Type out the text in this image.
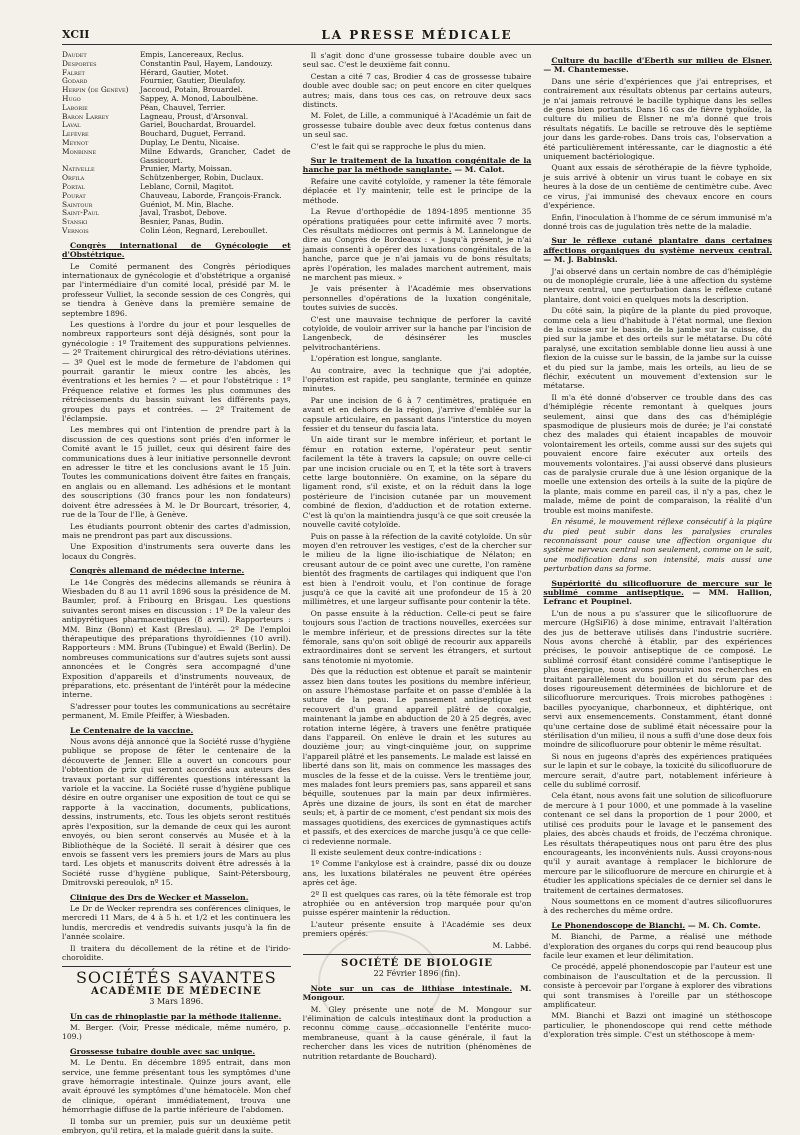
XCII	LA PRESSE MÉDICALE
Daudet	Empis, Lancereaux, Reclus.
Desportes	Constantin Paul, Hayem, Landouzy.
Falret	Hérard, Gautier, Motet.
Godard	Fournier, Gautier, Dieulafoy.
Herpin (de Genève)	Jaccoud, Potain, Brouardel.
Hugo	Sappey, A. Monod, Laboulbène.
Laborie	Péan, Chauvel, Terrier.
Baron Larrey	Lagneau, Proust, d'Arsonval.
Laval	Gariel, Bouchardat, Brouardel.
Lefèvre	Bouchard, Duguet, Ferrand.
Meynot	Duplay, Le Dentu, Nicaise.
Monbinne	Milne Edwards, Grancher, Cadet de Gassicourt.
Nativelle	Prunier, Marty, Moissan.
Orfila	Schützenberger, Robin, Duclaux.
Portal	Leblanc, Cornil, Magitot.
Pourat	Chauveau, Laborde, François-Franck.
Saintour	Guéniot, M. Min, Blache.
Saint-Paul	Javal, Trasbot, Debove.
Stanski	Besnier, Panas, Budin.
Vernois	Colin Léon, Regnard, Lereboullet.
Congrès international de Gynécologie et d'Obstétrique.

Le Comité permanent des Congrès périodiques internationaux de gynécologie et d'obstétrique a organisé par l'intermédiaire d'un comité local, présidé par M. le professeur Vulliet, la seconde session de ces Congrès, qui se tiendra à Genève dans la première semaine de septembre 1896.

Les questions à l'ordre du jour et pour lesquelles de nombreux rapporteurs sont déjà désignés, sont pour la gynécologie : 1º Traitement des suppurations pelviennes. — 2º Traitement chirurgical des rétro-déviations utérines. — 3º Quel est le mode de fermeture de l'abdomen qui pourrait garantir le mieux contre les abcès, les éventrations et les hernies ? — et pour l'obstétrique : 1º Fréquence relative et formes les plus communes des rétrécissements du bassin suivant les différents pays, groupes du pays et contrées. — 2º Traitement de l'éclampsie.

Les membres qui ont l'intention de prendre part à la discussion de ces questions sont priés d'en informer le Comité avant le 15 juillet, ceux qui désirent faire des communications dues à leur initiative personnelle devront en adresser le titre et les conclusions avant le 15 Juin. Toutes les communications doivent être faites en français, en anglais ou en allemand. Les adhésions et le montant des souscriptions (30 francs pour les non fondateurs) doivent être adressées à M. le Dr Bourcart, trésorier, 4, rue de la Tour de l'Ile, à Genève.

Les étudiants pourront obtenir des cartes d'admission, mais ne prendront pas part aux discussions.

Une Exposition d'instruments sera ouverte dans les locaux du Congrès.

Congrès allemand de médecine interne.

Le 14e Congrès des médecins allemands se réunira à Wiesbaden du 8 au 11 avril 1896 sous la présidence de M. Baumler, prof. à Fribourg en Brisgau. Les questions suivantes seront mises en discussion : 1º De la valeur des antipyrétiques pharmaceutiques (8 avril). Rapporteurs : MM. Binz (Bonn) et Kast (Breslau). — 2º De l'emploi thérapeutique des préparations thyroïdiennes (10 avril). Rapporteurs : MM. Bruns (Tubingue) et Ewald (Berlin). De nombreuses communications sur d'autres sujets sont aussi annoncées et le Congrès sera accompagné d'une Exposition d'appareils et d'instruments nouveaux, de préparations, etc. présentant de l'intérêt pour la médecine interne.

S'adresser pour toutes les communications au secrétaire permanent, M. Emile Pfeiffer, à Wiesbaden.

Le Centenaire de la vaccine.

Nous avons déjà annoncé que la Société russe d'hygiène publique se propose de fêter le centenaire de la découverte de Jenner. Elle a ouvert un concours pour l'obtention de prix qui seront accordés aux auteurs des travaux portant sur différentes questions intéressant la variole et la vaccine. La Société russe d'hygiène publique désire en outre organiser une exposition de tout ce qui se rapporte à la vaccination, documents, publications, dessins, instruments, etc. Tous les objets seront restitués après l'exposition, sur la demande de ceux qui les auront envoyés, ou bien seront conservés au Musée et à la Bibliothèque de la Société. Il serait à désirer que ces envois se fassent vers les premiers jours de Mars au plus tard. Les objets et manuscrits doivent être adressés à la Société russe d'hygiène publique, Saint-Pétersbourg, Dmitrovski pereoulok, nº 15.

Clinique des Drs de Wecker et Masselon.

Le Dr de Wecker reprendra ses conférences cliniques, le mercredi 11 Mars, de 4 à 5 h. et 1/2 et les continuera les lundis, mercredis et vendredis suivants jusqu'à la fin de l'année scolaire.

Il traitera du décollement de la rétine et de l'irido-choroïdite.

SOCIÉTÉS SAVANTES
ACADÉMIE DE MÉDECINE
3 Mars 1896.
Un cas de rhinoplastie par la méthode italienne.

M. Berger. (Voir, Presse médicale, même numéro, p. 109.)

Grossesse tubaire double avec sac unique.

M. Le Dentu. En décembre 1895 entrait, dans mon service, une femme présentant tous les symptômes d'une grave hémorragie intestinale. Quinze jours avant, elle avait éprouvé les symptômes d'une hématocèle. Mon chef de clinique, opérant immédiatement, trouva une hémorrhagie diffuse de la partie inférieure de l'abdomen.

Il tomba sur un premier, puis sur un deuxième petit embryon, qu'il retira, et la malade guérit dans la suite.

Il s'agit donc d'une grossesse tubaire double avec un seul sac. C'est le deuxième fait connu.

Cestan a cité 7 cas, Brodier 4 cas de grossesse tubaire double avec double sac; on peut encore en citer quelques autres; mais, dans tous ces cas, on retrouve deux sacs distincts.

M. Folet, de Lille, a communiqué à l'Académie un fait de grossesse tubaire double avec deux fœtus contenus dans un seul sac.

C'est le fait qui se rapproche le plus du mien.

Sur le traitement de la luxation congénitale de la hanche par la méthode sanglante. — M. Calot.

Refaire une cavité cotyloïde, y ramener la tête fémorale déplacée et l'y maintenir, telle est le principe de la méthode.

La Revue d'orthopédie de 1894-1895 mentionne 35 opérations pratiquées pour cette infirmité avec 7 morts. Ces résultats médiocres ont permis à M. Lannelongue de dire au Congrès de Bordeaux : « Jusqu'à présent, je n'ai jamais consenti à opérer des luxations congénitales de la hanche, parce que je n'ai jamais vu de bons résultats; après l'opération, les malades marchent autrement, mais ne marchent pas mieux. »

Je vais présenter à l'Académie mes observations personnelles d'opérations de la luxation congénitale, toutes suivies de succès.

C'est une mauvaise technique de perforer la cavité cotyloïde, de vouloir arriver sur la hanche par l'incision de Langenbeck, de désinsérer les muscles pelvitrochantériens.

L'opération est longue, sanglante.

Au contraire, avec la technique que j'ai adoptée, l'opération est rapide, peu sanglante, terminée en quinze minutes.

Par une incision de 6 à 7 centimètres, pratiquée en avant et en dehors de la région, j'arrive d'emblée sur la capsule articulaire, en passant dans l'interstice du moyen fessier et du tenseur du fascia lata.

Un aide tirant sur le membre inférieur, et portant le fémur en rotation externe, l'opérateur peut sentir facilement la tête à travers la capsule; on ouvre celle-ci par une incision cruciale ou en T, et la tête sort à travers cette large boutonnière. On examine, on la sépare du ligament rond, s'il existe, et on la réduit dans la loge postérieure de l'incision cutanée par un mouvement combiné de flexion, d'adduction et de rotation externe. C'est là qu'on la maintiendra jusqu'à ce que soit creusée la nouvelle cavité cotyloïde.

Puis on passe à la réfection de la cavité cotyloïde. Un sûr moyen d'en retrouver les vestiges, c'est de la chercher sur le milieu de la ligne ilio-ischiatique de Nélaton; en creusant autour de ce point avec une curette, l'on ramène bientôt des fragments de cartilages qui indiquent que l'on est bien à l'endroit voulu, et l'on continue de forage jusqu'à ce que la cavité ait une profondeur de 15 à 20 millimètres, et une largeur suffisante pour contenir la tête.

On passe ensuite à la réduction. Celle-ci peut se faire toujours sous l'action de tractions nouvelles, exercées sur le membre inférieur, et de pressions directes sur la tête fémorale, sans qu'on soit obligé de recourir aux appareils extraordinaires dont se servent les étrangers, et surtout sans ténotomie ni myotomie.

Dès que la réduction est obtenue et paraît se maintenir assez bien dans toutes les positions du membre inférieur, on assure l'hémostase parfaite et on passe d'emblée à la suture de la peau. Le pansement antiseptique est recouvert d'un grand appareil plâtré de coxalgie, maintenant la jambe en abduction de 20 à 25 degrés, avec rotation interne légère, à travers une fenêtre pratiquée dans l'appareil. On enlève le drain et les sutures au douzième jour; au vingt-cinquième jour, on supprime l'appareil plâtré et les pansements. Le malade est laissé en liberté dans son lit, mais on commence les massages des muscles de la fesse et de la cuisse. Vers le trentième jour, mes malades font leurs premiers pas, sans appareil et sans béquille, soutenues par la main par deux infirmières. Après une dizaine de jours, ils sont en état de marcher seuls; et, à partir de ce moment, c'est pendant six mois des massages quotidiens, des exercices de gymnastiques actifs et passifs, et des exercices de marche jusqu'à ce que celle-ci redevienne normale.

Il existe seulement deux contre-indications :

1º Comme l'ankylose est à craindre, passé dix ou douze ans, les luxations bilatérales ne peuvent être opérées après cet âge.

2º Il est quelques cas rares, où la tête fémorale est trop atrophiée ou en antéversion trop marquée pour qu'on puisse espérer maintenir la réduction.

L'auteur présente ensuite à l'Académie ses deux premiers opérés.

M. Labbé.

SOCIÉTÉ DE BIOLOGIE
22 Février 1896 (fin).
Note sur un cas de lithiase intestinale. M. Mongour.

M. Gley présente une note de M. Mongour sur l'élimination de calculs intestinaux dont la production a reconnu comme cause occasionnelle l'entérite muco-membraneuse, quant à la cause générale, il faut la rechercher dans les vices de nutrition (phénomènes de nutrition retardante de Bouchard).

Culture du bacille d'Eberth sur milieu de Elsner. — M. Chantemesse.

Dans une série d'expériences que j'ai entreprises, et contrairement aux résultats obtenus par certains auteurs, je n'ai jamais retrouvé le bacille typhique dans les selles de gens bien portants. Dans 16 cas de fièvre typhoïde, la culture du milieu de Elsner ne m'a donné que trois résultats négatifs. Le bacille se retrouve dès le septième jour dans les garde-robes. Dans trois cas, l'observation a été particulièrement intéressante, car le diagnostic a été uniquement bactériologique.

Quant aux essais de sérothérapie de la fièvre typhoïde, je suis arrivé à obtenir un virus tuant le cobaye en six heures à la dose de un centième de centimètre cube. Avec ce virus, j'ai immunisé des chevaux encore en cours d'expérience.

Enfin, l'inoculation à l'homme de ce sérum immunisé m'a donné trois cas de jugulation très nette de la maladie.

Sur le réflexe cutané plantaire dans certaines affections organiques du système nerveux central. — M. J. Babinski.

J'ai observé dans un certain nombre de cas d'hémiplégie ou de monoplégie crurale, liée à une affection du système nerveux central, une perturbation dans le réflexe cutané plantaire, dont voici en quelques mots la description.

Du côté sain, la piqûre de la plante du pied provoque, comme cela a lieu d'habitude à l'état normal, une flexion de la cuisse sur le bassin, de la jambe sur la cuisse, du pied sur la jambe et des orteils sur le métatarse. Du côté paralysé, une excitation semblable donne lieu aussi à une flexion de la cuisse sur le bassin, de la jambe sur la cuisse et du pied sur la jambe, mais les orteils, au lieu de se fléchir, exécutent un mouvement d'extension sur le métatarse.

Il m'a été donné d'observer ce trouble dans des cas d'hémiplégie récente remontant à quelques jours seulement, ainsi que dans des cas d'hémiplégie spasmodique de plusieurs mois de durée; je l'ai constaté chez des malades qui étaient incapables de mouvoir volontairement les orteils, comme aussi sur des sujets qui pouvaient encore faire exécuter aux orteils des mouvements volontaires. J'ai aussi observé dans plusieurs cas de paralysie crurale due à une lésion organique de la moelle une extension des orteils à la suite de la piqûre de la plante, mais comme en pareil cas, il n'y a pas, chez le malade, même de point de comparaison, la réalité d'un trouble est moins manifeste.

En résumé, le mouvement réflexe consécutif à la piqûre du pied peut subir dans les paralysies crurales reconnaissant pour cause une affection organique du système nerveux central non seulement, comme on le sait, une modification dans son intensité, mais aussi une perturbation dans sa forme.

Supériorité du silicofluorure de mercure sur le sublimé comme antiseptique. — MM. Hallion, Lefranc et Poupinel.

L'un de nous a pu s'assurer que le silicofluorure de mercure (HgSiFl6) à dose minime, entravait l'altération des jus de betterave utilisés dans l'industrie sucrière. Nous avons cherché à établir, par des expériences précises, le pouvoir antiseptique de ce composé. Le sublimé corrosif étant considéré comme l'antiseptique le plus énergique, nous avons poursuivi nos recherches en traitant parallèlement du bouillon et du sérum par des doses rigoureusement déterminées de bichlorure et de silicofluorure mercuriques. Trois microbes pathogènes : bacilles pyocyanique, charbonneux, et diphtérique, ont servi aux ensemencements. Constamment, étant donné qu'une certaine dose de sublimé était nécessaire pour la stérilisation d'un milieu, il nous a suffi d'une dose deux fois moindre de silicofluorure pour obtenir le même résultat.

Si nous en jugeons d'après des expériences pratiquées sur le lapin et sur le cobaye, la toxicité du silicofluorure de mercure serait, d'autre part, notablement inférieure à celle du sublimé corrosif.

Cela étant, nous avons fait une solution de silicofluorure de mercure à 1 pour 1000, et une pommade à la vaseline contenant ce sel dans la proportion de 1 pour 2000, et utilisé ces produits pour le lavage et le pansement des plaies, des abcès chauds et froids, de l'eczéma chronique. Les résultats thérapeutiques nous ont paru être des plus encourageants, les inconvénients nuls. Aussi croyons-nous qu'il y aurait avantage à remplacer le bichlorure de mercure par le silicofluorure de mercure en chirurgie et à étudier les applications spéciales de ce dernier sel dans le traitement de certaines dermatoses.

Nous soumettons en ce moment d'autres silicofluorures à des recherches du même ordre.

Le Phonendoscope de Bianchi. — M. Ch. Comte.

M. Bianchi, de Parme, a réalisé une méthode d'exploration des organes du corps qui rend beaucoup plus facile leur examen et leur délimitation.

Ce procédé, appelé phonendoscopie par l'auteur est une combinaison de l'auscultation et de la percussion. Il consiste à percevoir par l'organe à explorer des vibrations qui sont transmises à l'oreille par un stéthoscope amplificateur.

MM. Bianchi et Bazzi ont imaginé un stéthoscope particulier, le phonendoscope qui rend cette méthode d'exploration très simple. C'est un stéthoscope à mem-
